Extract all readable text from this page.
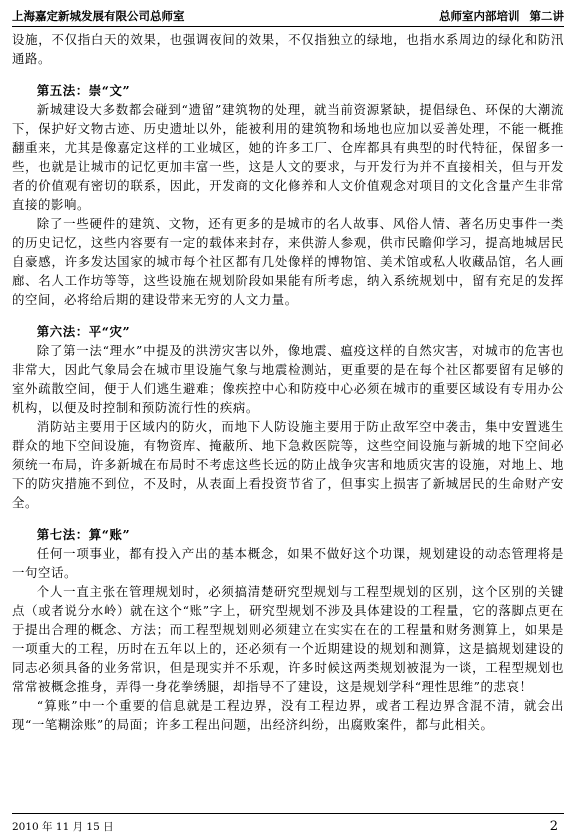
上海嘉定新城发展有限公司总师室	总师室内部培训 第二讲

设施，不仅指白天的效果，也强调夜间的效果，不仅指独立的绿地，也指水系周边的绿化和防汛通路。

第五法：崇“文”

新城建设大多数都会碰到“遗留”建筑物的处理，就当前资源紧缺，提倡绿色、环保的大潮流下，保护好文物古迹、历史遗址以外，能被利用的建筑物和场地也应加以妥善处理，不能一概推翻重来，尤其是像嘉定这样的工业城区，她的许多工厂、仓库都具有典型的时代特征，保留多一些，也就是让城市的记忆更加丰富一些，这是人文的要求，与开发行为并不直接相关，但与开发者的价值观有密切的联系，因此，开发商的文化修养和人文价值观念对项目的文化含量产生非常直接的影响。

除了一些硬件的建筑、文物，还有更多的是城市的名人故事、风俗人情、著名历史事件一类的历史记忆，这些内容要有一定的载体来封存，来供游人参观，供市民瞻仰学习，提高地城居民自豪感，许多发达国家的城市每个社区都有几处像样的博物馆、美术馆或私人收藏品馆，名人画廊、名人工作坊等等，这些设施在规划阶段如果能有所考虑，纳入系统规划中，留有充足的发挥的空间，必将给后期的建设带来无穷的人文力量。

第六法：平“灾”

除了第一法“理水”中提及的洪涝灾害以外，像地震、瘟疫这样的自然灾害，对城市的危害也非常大，因此气象局会在城市里设施气象与地震检测站，更重要的是在每个社区都要留有足够的室外疏散空间，便于人们逃生避难；像疾控中心和防疫中心必须在城市的重要区域设有专用办公机构，以便及时控制和预防流行性的疾病。

消防站主要用于区域内的防火，而地下人防设施主要用于防止敌军空中袭击，集中安置逃生群众的地下空间设施，有物资库、掩蔽所、地下急救医院等，这些空间设施与新城的地下空间必须统一布局，许多新城在布局时不考虑这些长远的防止战争灾害和地质灾害的设施，对地上、地下的防灾措施不到位，不及时，从表面上看投资节省了，但事实上损害了新城居民的生命财产安全。

第七法：算“账”

任何一项事业，都有投入产出的基本概念，如果不做好这个功课，规划建设的动态管理将是一句空话。

个人一直主张在管理规划时，必须搞清楚研究型规划与工程型规划的区别，这个区别的关键点（或者说分水岭）就在这个“账”字上，研究型规划不涉及具体建设的工程量，它的落脚点更在于提出合理的概念、方法；而工程型规划则必须建立在实实在在的工程量和财务测算上，如果是一项重大的工程，历时在五年以上的，还必须有一个近期建设的规划和测算，这是搞规划建设的同志必须具备的业务常识，但是现实并不乐观，许多时候这两类规划被混为一谈，工程型规划也常常被概念推身，弄得一身花拳绣腿，却指导不了建设，这是规划学科“理性思维”的悲哀！

“算账”中一个重要的信息就是工程边界，没有工程边界，或者工程边界含混不清，就会出现“一笔糊涂账”的局面；许多工程出问题，出经济纠纷，出腐败案件，都与此相关。

2010 年 11 月 15 日	2
